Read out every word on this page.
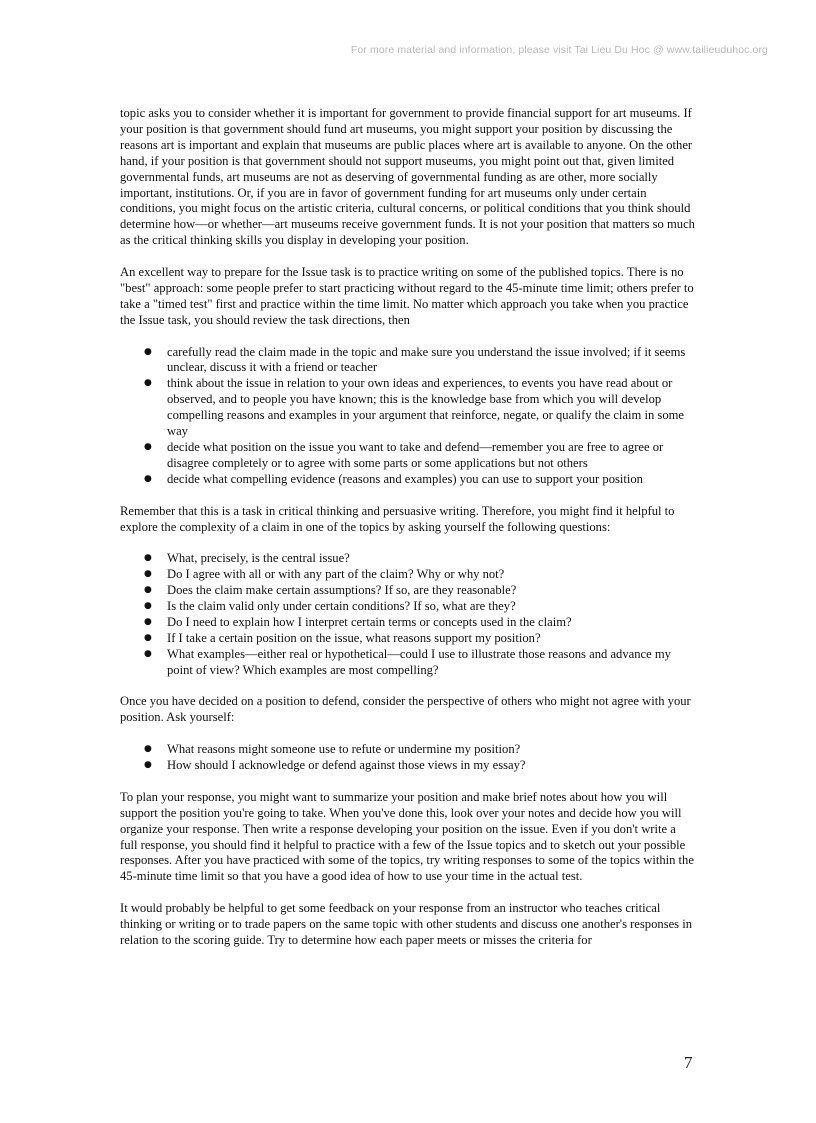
For more material and information, please visit Tai Lieu Du Hoc @ www.tailieuduhoc.org

topic asks you to consider whether it is important for government to provide financial support for art museums. If your position is that government should fund art museums, you might support your position by discussing the reasons art is important and explain that museums are public places where art is available to anyone. On the other hand, if your position is that government should not support museums, you might point out that, given limited governmental funds, art museums are not as deserving of governmental funding as are other, more socially important, institutions. Or, if you are in favor of government funding for art museums only under certain conditions, you might focus on the artistic criteria, cultural concerns, or political conditions that you think should determine how—or whether—art museums receive government funds. It is not your position that matters so much as the critical thinking skills you display in developing your position.

An excellent way to prepare for the Issue task is to practice writing on some of the published topics. There is no "best" approach: some people prefer to start practicing without regard to the 45-minute time limit; others prefer to take a "timed test" first and practice within the time limit. No matter which approach you take when you practice the Issue task, you should review the task directions, then

● carefully read the claim made in the topic and make sure you understand the issue involved; if it seems unclear, discuss it with a friend or teacher
● think about the issue in relation to your own ideas and experiences, to events you have read about or observed, and to people you have known; this is the knowledge base from which you will develop compelling reasons and examples in your argument that reinforce, negate, or qualify the claim in some way
● decide what position on the issue you want to take and defend—remember you are free to agree or disagree completely or to agree with some parts or some applications but not others
● decide what compelling evidence (reasons and examples) you can use to support your position

Remember that this is a task in critical thinking and persuasive writing. Therefore, you might find it helpful to explore the complexity of a claim in one of the topics by asking yourself the following questions:

● What, precisely, is the central issue?
● Do I agree with all or with any part of the claim? Why or why not?
● Does the claim make certain assumptions? If so, are they reasonable?
● Is the claim valid only under certain conditions? If so, what are they?
● Do I need to explain how I interpret certain terms or concepts used in the claim?
● If I take a certain position on the issue, what reasons support my position?
● What examples—either real or hypothetical—could I use to illustrate those reasons and advance my point of view? Which examples are most compelling?

Once you have decided on a position to defend, consider the perspective of others who might not agree with your position. Ask yourself:

● What reasons might someone use to refute or undermine my position?
● How should I acknowledge or defend against those views in my essay?

To plan your response, you might want to summarize your position and make brief notes about how you will support the position you're going to take. When you've done this, look over your notes and decide how you will organize your response. Then write a response developing your position on the issue. Even if you don't write a full response, you should find it helpful to practice with a few of the Issue topics and to sketch out your possible responses. After you have practiced with some of the topics, try writing responses to some of the topics within the 45-minute time limit so that you have a good idea of how to use your time in the actual test.

It would probably be helpful to get some feedback on your response from an instructor who teaches critical thinking or writing or to trade papers on the same topic with other students and discuss one another's responses in relation to the scoring guide. Try to determine how each paper meets or misses the criteria for

7
